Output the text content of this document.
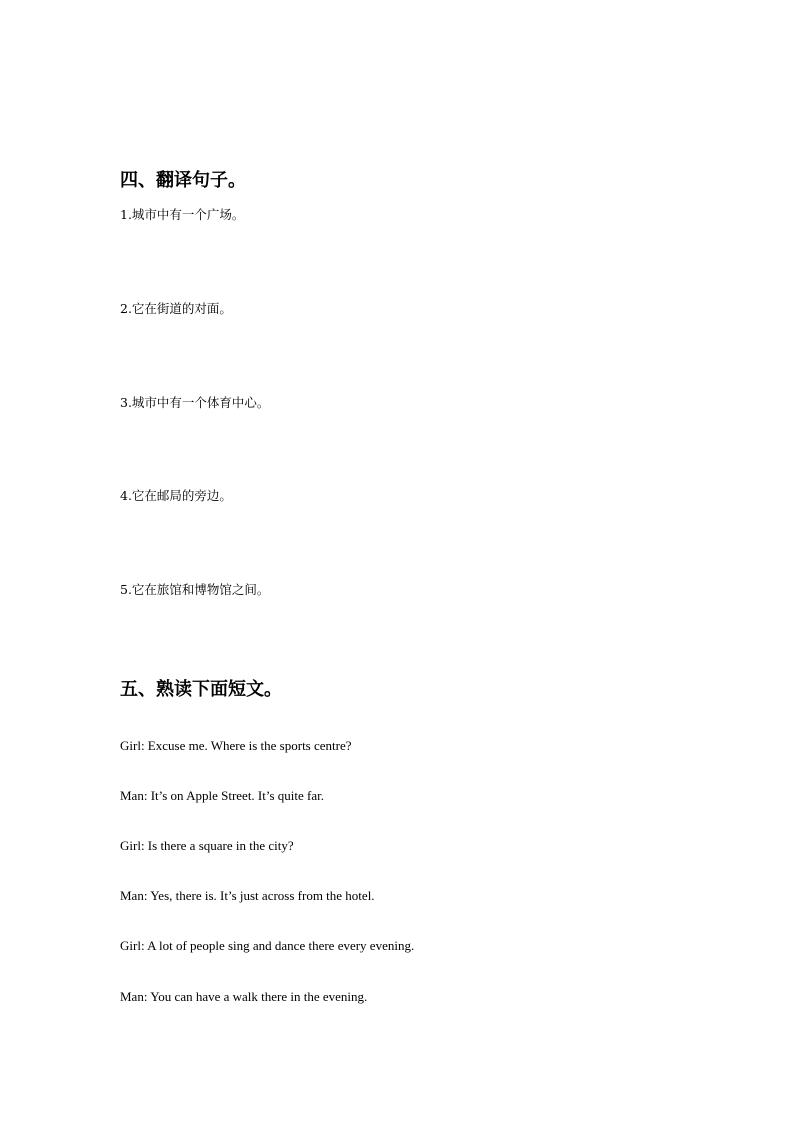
四、翻译句子。
1.城市中有一个广场。
2.它在街道的对面。
3.城市中有一个体育中心。
4.它在邮局的旁边。
5.它在旅馆和博物馆之间。
五、熟读下面短文。
Girl: Excuse me. Where is the sports centre?
Man: It’s on Apple Street. It’s quite far.
Girl: Is there a square in the city?
Man: Yes, there is. It’s just across from the hotel.
Girl: A lot of people sing and dance there every evening.
Man: You can have a walk there in the evening.
